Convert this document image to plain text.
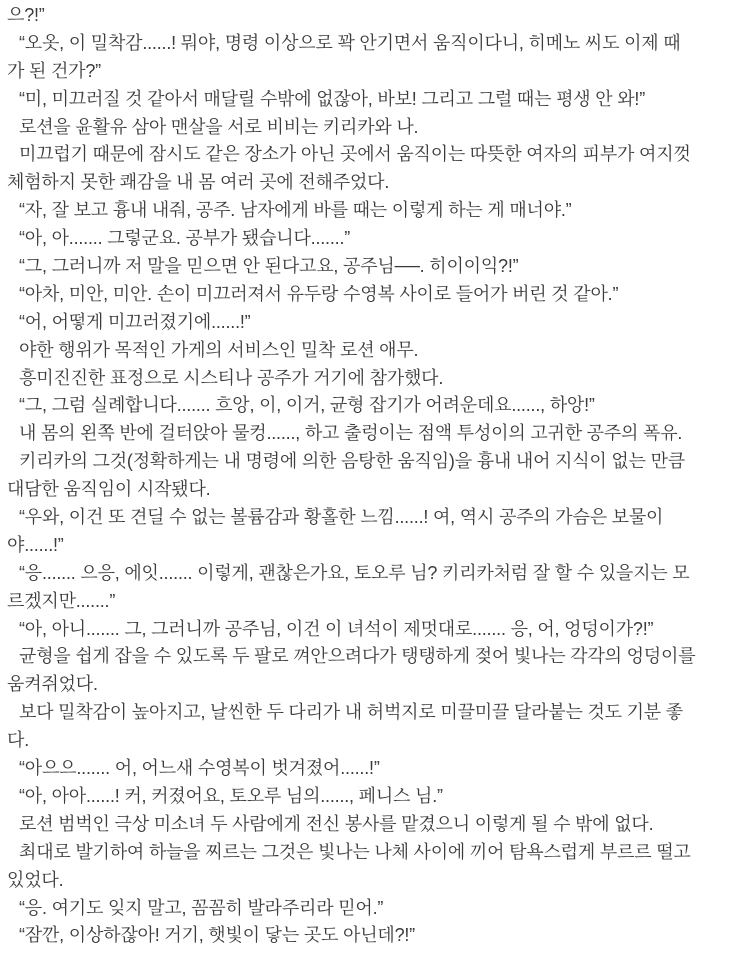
으?!”
“오옷, 이 밀착감......! 뭐야, 명령 이상으로 꽉 안기면서 움직이다니, 히메노 씨도 이제 때
가 된 건가?”
“미, 미끄러질 것 같아서 매달릴 수밖에 없잖아, 바보! 그리고 그럴 때는 평생 안 와!”
로션을 윤활유 삼아 맨살을 서로 비비는 키리카와 나.
미끄럽기 때문에 잠시도 같은 장소가 아닌 곳에서 움직이는 따뜻한 여자의 피부가 여지껏
체험하지 못한 쾌감을 내 몸 여러 곳에 전해주었다.
“자, 잘 보고 흉내 내줘, 공주. 남자에게 바를 때는 이렇게 하는 게 매너야.”
“아, 아....... 그렇군요. 공부가 됐습니다.......”
“그, 그러니까 저 말을 믿으면 안 된다고요, 공주님──. 히이이익?!”
“아차, 미안, 미안. 손이 미끄러져서 유두랑 수영복 사이로 들어가 버린 것 같아.”
“어, 어떻게 미끄러졌기에......!”
야한 행위가 목적인 가게의 서비스인 밀착 로션 애무.
흥미진진한 표정으로 시스티나 공주가 거기에 참가했다.
“그, 그럼 실례합니다....... 흐앙, 이, 이거, 균형 잡기가 어려운데요......, 하앙!”
내 몸의 왼쪽 반에 걸터앉아 물컹......, 하고 출렁이는 점액 투성이의 고귀한 공주의 폭유.
키리카의 그것(정확하게는 내 명령에 의한 음탕한 움직임)을 흉내 내어 지식이 없는 만큼
대담한 움직임이 시작됐다.
“우와, 이건 또 견딜 수 없는 볼륨감과 황홀한 느낌......! 여, 역시 공주의 가슴은 보물이
야......!”
“응....... 으응, 에잇....... 이렇게, 괜찮은가요, 토오루 님? 키리카처럼 잘 할 수 있을지는 모
르겠지만.......”
“아, 아니....... 그, 그러니까 공주님, 이건 이 녀석이 제멋대로....... 응, 어, 엉덩이가?!”
균형을 쉽게 잡을 수 있도록 두 팔로 껴안으려다가 탱탱하게 젖어 빛나는 각각의 엉덩이를
움켜쥐었다.
보다 밀착감이 높아지고, 날씬한 두 다리가 내 허벅지로 미끌미끌 달라붙는 것도 기분 좋
다.
“아으으....... 어, 어느새 수영복이 벗겨졌어......!”
“아, 아아......! 커, 커졌어요, 토오루 님의......, 페니스 님.”
로션 범벅인 극상 미소녀 두 사람에게 전신 봉사를 맡겼으니 이렇게 될 수 밖에 없다.
최대로 발기하여 하늘을 찌르는 그것은 빛나는 나체 사이에 끼어 탐욕스럽게 부르르 떨고
있었다.
“응. 여기도 잊지 말고, 꼼꼼히 발라주리라 믿어.”
“잠깐, 이상하잖아! 거기, 햇빛이 닿는 곳도 아닌데?!”
